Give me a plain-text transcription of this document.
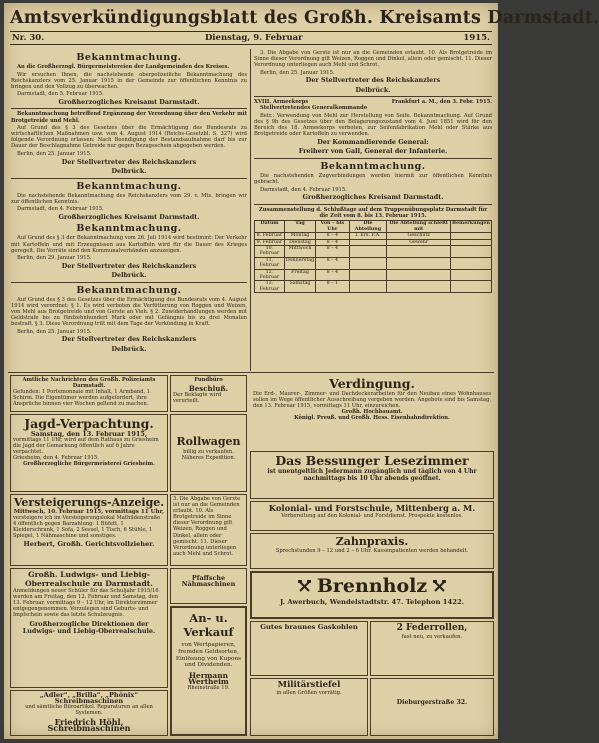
Amtsverkündigungsblatt des Großh. Kreisamts Darmstadt.
Nr. 30.	Dienstag, 9. Februar	1915.
Bekanntmachung.

An die Großherzogl. Bürgermeistereien der Landgemeinden des Kreises.

Wir ersuchen Ihnen, die nachstehende oberpolizeiliche Bekanntmachung des Reichskanzlers vom 25. Januar 1915 in der Gemeinde zur öffentlichen Kenntnis zu bringen und den Vollzug zu überwachen.

Darmstadt, den 5. Februar 1915.

Großherzogliches Kreisamt Darmstadt.

Bekanntmachung betreffend Ergänzung der Verordnung über den Verkehr mit Brotgetreide und Mehl.

Auf Grund des § 3 des Gesetzes über die Ermächtigung des Bundesrats zu wirtschaftlichen Maßnahmen usw. vom 4. August 1914 (Reichs-Gesetzbl. S. 327) wird folgende Verordnung erlassen: Nach Beendigung der Bestandsaufnahme darf bis zur Dauer der Beschlagnahme Getreide nur gegen Bezugsschein abgegeben werden.

Berlin, den 25. Januar 1915.

Der Stellvertreter des Reichskanzlers
Delbrück.
Bekanntmachung.

Die nachstehende Bekanntmachung des Reichskanzlers vom 29. v. Mts. bringen wir zur öffentlichen Kenntnis.

Darmstadt, den 4. Februar 1915.

Großherzogliches Kreisamt Darmstadt.
Bekanntmachung.

Auf Grund des § 3 der Bekanntmachung vom 26. Juli 1914 wird bestimmt: Der Verkehr mit Kartoffeln und mit Erzeugnissen aus Kartoffeln wird für die Dauer des Krieges geregelt. Die Vorräte sind den Kommunalverbänden anzuzeigen.

Berlin, den 29. Januar 1915.

Der Stellvertreter des Reichskanzlers
Delbrück.
Bekanntmachung.

Auf Grund des § 3 des Gesetzes über die Ermächtigung des Bundesrats vom 4. August 1914 wird verordnet: § 1. Es wird verboten die Verfütterung von Roggen und Weizen, von Mehl aus Brotgetreide und von Gerste an Vieh. § 2. Zuwiderhandlungen werden mit Geldstrafe bis zu fünfzehnhundert Mark oder mit Gefängnis bis zu drei Monaten bestraft. § 3. Diese Verordnung tritt mit dem Tage der Verkündung in Kraft.

Berlin, den 25. Januar 1915.

Der Stellvertreter des Reichskanzlers
Delbrück.

3. Die Abgabe von Gerste ist nur an die Gemeinden erlaubt. 10. Als Brotgetreide im Sinne dieser Verordnung gilt Weizen, Roggen und Dinkel, allein oder gemischt. 11. Dieser Verordnung unterliegen auch Mehl und Schrot.

Berlin, den 25. Januar 1915.

Der Stellvertreter des Reichskanzlers
Delbrück.
XVIII. Armeekorps	Frankfurt a. M., den 3. Febr. 1915.

Stellvertretendes Generalkommando

Betr.: Verwendung von Mehl zur Herstellung von Seife. Bekanntmachung. Auf Grund des § 9b des Gesetzes über den Belagerungszustand vom 4. Juni 1851 wird für den Bereich des 18. Armeekorps verboten, zur Seifenfabrikation Mehl oder Stärke aus Brotgetreide oder Kartoffeln zu verwenden.

Der Kommandierende General:
Freiherr von Gall, General der Infanterie.
Bekanntmachung.

Die nachstehenden Zugverbindungen werden hiermit zur öffentlichen Kenntnis gebracht.

Darmstadt, den 4. Februar 1915.

Großherzogliches Kreisamt Darmstadt.

Zusammenstellung d. Schlußtage auf dem Truppenübungsplatz Darmstadt für die Zeit vom 8. bis 13. Februar 1915.

Datum	Tag	Von – bis Uhr	Die Abteilung	Die Abteilung schießt mit	Bemerkungen
8. Februar	Montag	8 – 4	I. Ers. F.A.	Geschütz	
9. Februar	Dienstag	8 – 4		Gewehr	
10. Februar	Mittwoch	8 – 4			
11. Februar	Donnerstag	8 – 4			
12. Februar	Freitag	8 – 4			
13. Februar	Samstag	8 – 1			
Amtliche Nachrichten des Großh. Polizeiamts Darmstadt.
Gefunden: 1 Portemonnaie mit Inhalt, 1 Armband, 1 Schirm. Die Eigentümer werden aufgefordert, ihre Ansprüche binnen vier Wochen geltend zu machen.
Fundbüro
Beschluß.
Der Beklagte wird verurteilt.
Jagd-Verpachtung.
Samstag, den 13. Februar 1915,
vormittags 11 Uhr, wird auf dem Rathaus zu Griesheim die Jagd der Gemarkung öffentlich auf 6 Jahre verpachtet.
Griesheim, den 4. Februar 1915.
Großherzogliche Bürgermeisterei Griesheim.
Rollwagen
billig zu verkaufen. Näheres Expedition.
Versteigerungs-Anzeige.
Mittwoch, 10. Februar 1915, vormittags 11 Uhr,
versteigere ich im Versteigerungslokal Mathildenstraße 4 öffentlich gegen Barzahlung: 1 Büfett, 1 Kleiderschrank, 1 Sofa, 2 Sessel, 1 Tisch, 6 Stühle, 1 Spiegel, 1 Nähmaschine und sonstiges.
Herbert, Großh. Gerichtsvollzieher.
3. Die Abgabe von Gerste ist nur an die Gemeinden erlaubt. 10. Als Brotgetreide im Sinne dieser Verordnung gilt Weizen, Roggen und Dinkel, allein oder gemischt. 11. Dieser Verordnung unterliegen auch Mehl und Schrot.
Großh. Ludwigs- und Liebig-Oberrealschule zu Darmstadt.
Anmeldungen neuer Schüler für das Schuljahr 1915/16 werden am Freitag, den 12. Februar und Samstag, den 13. Februar, vormittags 9 – 12 Uhr, im Direktorzimmer entgegengenommen. Vorzulegen sind Geburts- und Impfschein sowie das letzte Schulzeugnis.
Großherzogliche Direktionen der Ludwigs- und Liebig-Oberrealschule.
„Adler“, „Brilla“, „Phönix“ Schreibmaschinen
und sämtliche Büroartikel. Reparaturen an allen Systemen.
Friedrich Höhl, Schreibmaschinen
Pfaffsche Nähmaschinen
An- u. Verkauf
von Wertpapieren, fremden Geldsorten, Einlösung von Kupons und Dividenden.
Hermann Wertheim
Rheinstraße 19.
Verdingung.
Die Erd-, Maurer-, Zimmer- und Dachdeckerarbeiten für den Neubau eines Wohnhauses sollen im Wege öffentlicher Ausschreibung vergeben werden. Angebote sind bis Samstag, den 13. Februar 1915, vormittags 11 Uhr, einzureichen.
Großh. Hochbauamt.
Königl. Preuß. und Großh. Hess. Eisenbahndirektion.
Das Bessunger Lesezimmer
ist unentgeltlich Jedermann zugänglich und täglich von 4 Uhr nachmittags bis 10 Uhr abends geöffnet.
Kolonial- und Forstschule, Mittenberg a. M.
Vorbereitung auf den Kolonial- und Forstdienst. Prospekte kostenlos.
Zahnpraxis.
Sprechstunden 9 – 12 und 2 – 6 Uhr. Kassenpatienten werden behandelt.
Brennholz
J. Awerbuch, Wendelstadtstr. 47. Telephon 1422.
Gutes braunes Gaskohlen	2 Federrollen,
fast neu, zu verkaufen.
Militärstiefel
in allen Größen vorrätig.
Dieburgerstraße 32.
